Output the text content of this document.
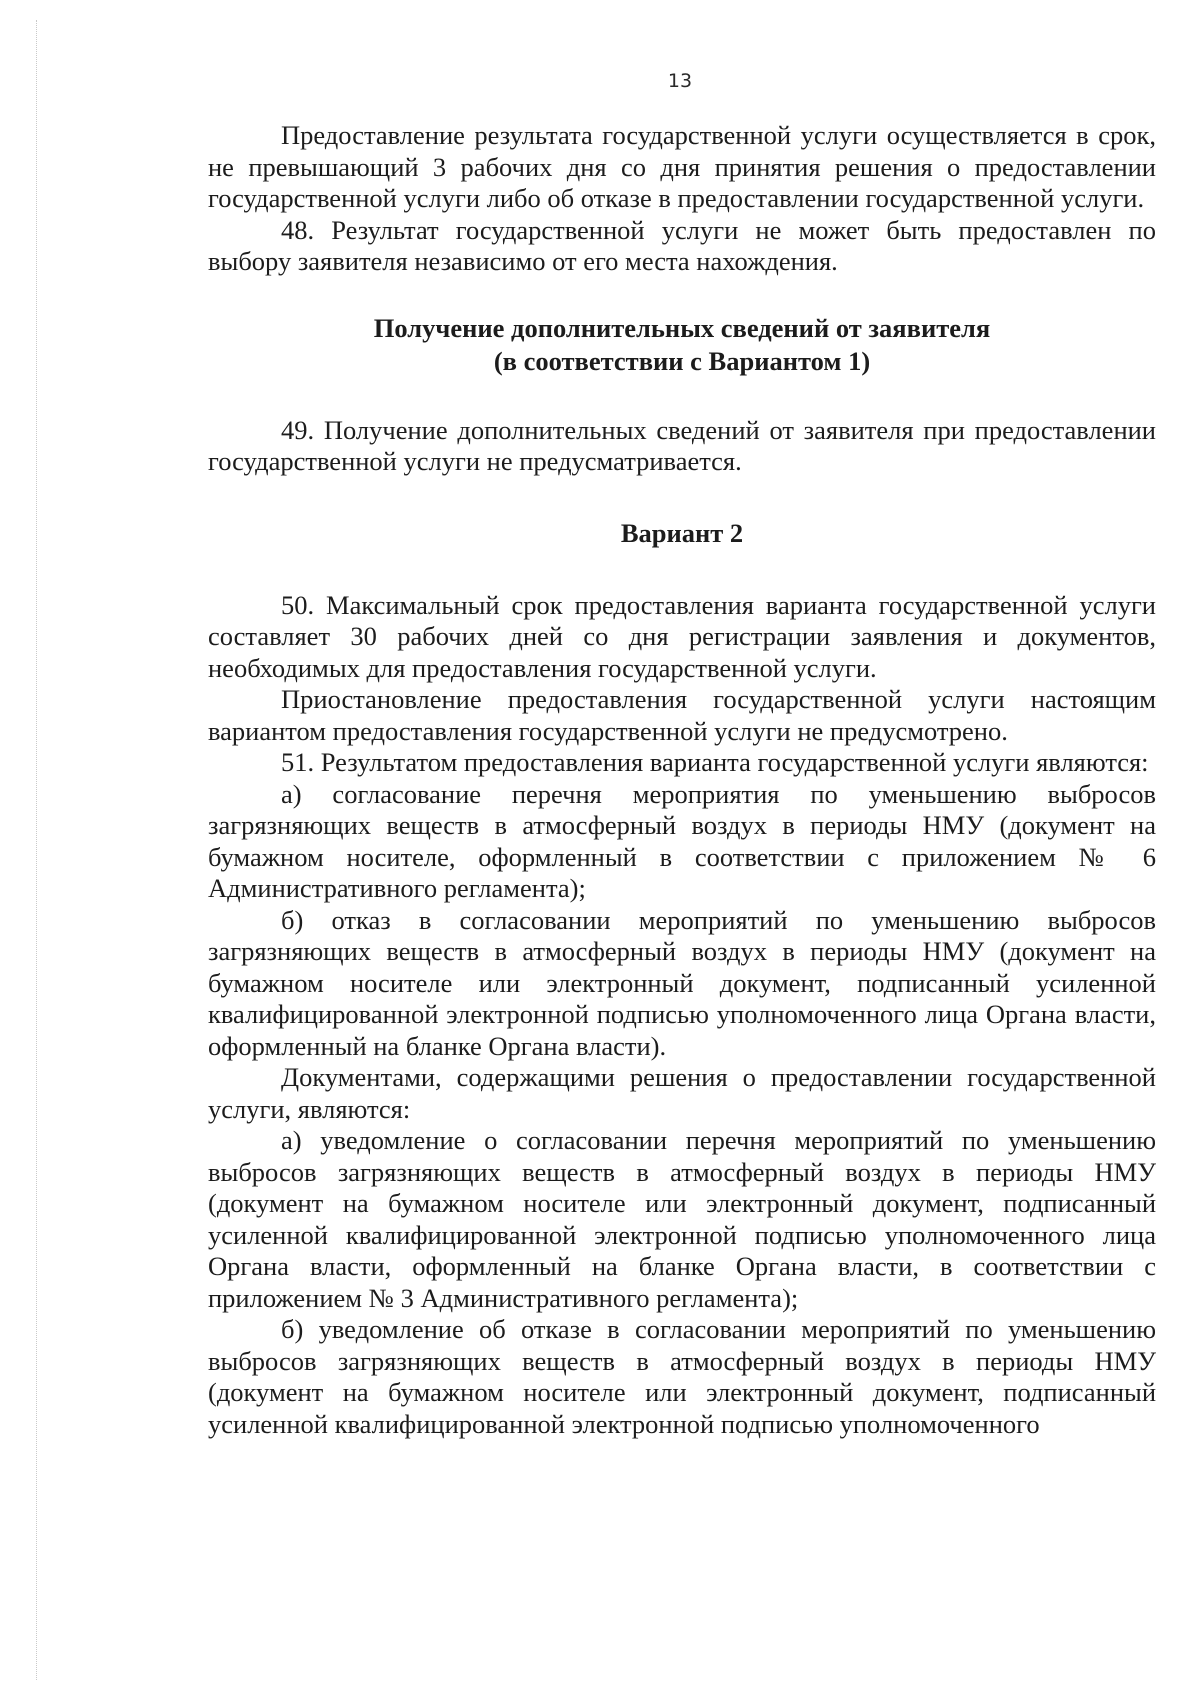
13

Предоставление результата государственной услуги осуществляется в срок, не превышающий 3 рабочих дня со дня принятия решения о предоставлении государственной услуги либо об отказе в предоставлении государственной услуги.

48. Результат государственной услуги не может быть предоставлен по выбору заявителя независимо от его места нахождения.

Получение дополнительных сведений от заявителя
(в соответствии с Вариантом 1)

49. Получение дополнительных сведений от заявителя при предоставлении государственной услуги не предусматривается.

Вариант 2

50. Максимальный срок предоставления варианта государственной услуги составляет 30 рабочих дней со дня регистрации заявления и документов, необходимых для предоставления государственной услуги.

Приостановление предоставления государственной услуги настоящим вариантом предоставления государственной услуги не предусмотрено.

51. Результатом предоставления варианта государственной услуги являются:

а) согласование перечня мероприятия по уменьшению выбросов загрязняющих веществ в атмосферный воздух в периоды НМУ (документ на бумажном носителе, оформленный в соответствии с приложением № 6 Административного регламента);

б) отказ в согласовании мероприятий по уменьшению выбросов загрязняющих веществ в атмосферный воздух в периоды НМУ (документ на бумажном носителе или электронный документ, подписанный усиленной квалифицированной электронной подписью уполномоченного лица Органа власти, оформленный на бланке Органа власти).

Документами, содержащими решения о предоставлении государственной услуги, являются:

а) уведомление о согласовании перечня мероприятий по уменьшению выбросов загрязняющих веществ в атмосферный воздух в периоды НМУ (документ на бумажном носителе или электронный документ, подписанный усиленной квалифицированной электронной подписью уполномоченного лица Органа власти, оформленный на бланке Органа власти, в соответствии с приложением № 3 Административного регламента);

б) уведомление об отказе в согласовании мероприятий по уменьшению выбросов загрязняющих веществ в атмосферный воздух в периоды НМУ (документ на бумажном носителе или электронный документ, подписанный усиленной квалифицированной электронной подписью уполномоченного
